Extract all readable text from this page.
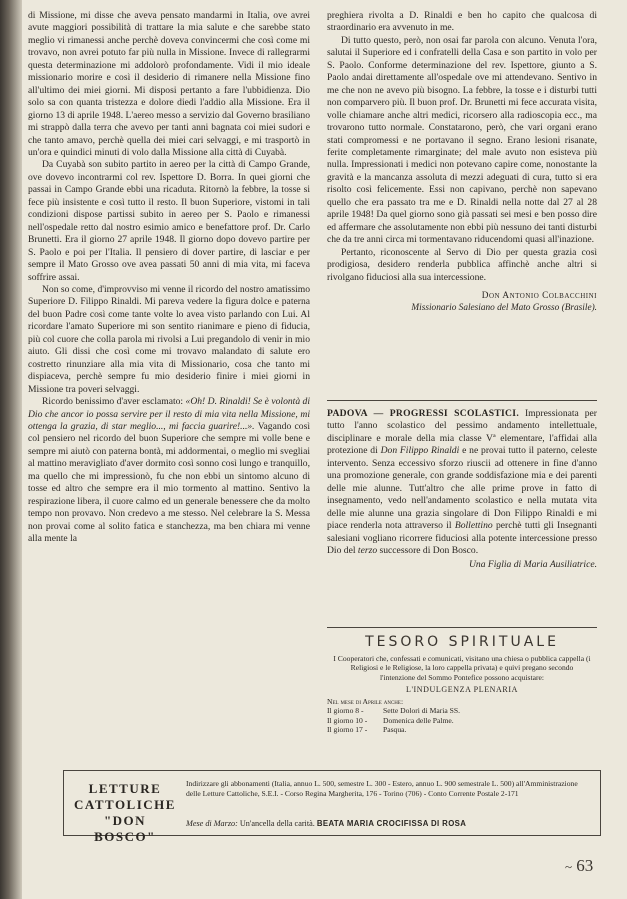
di Missione, mi disse che aveva pensato mandarmi in Italia, ove avrei avute maggiori possibilità di trattare la mia salute e che sarebbe stato meglio vi rimanessi anche perchè doveva convincermi che così come mi trovavo, non avrei potuto far più nulla in Missione. Invece di rallegrarmi questa determinazione mi addolorò profondamente. Vidi il mio ideale missionario morire e così il desiderio di rimanere nella Missione fino all'ultimo dei miei giorni. Mi disposi pertanto a fare l'ubbidienza. Dio solo sa con quanta tristezza e dolore diedi l'addio alla Missione. Era il giorno 13 di aprile 1948. L'aereo messo a servizio dal Governo brasiliano mi strappò dalla terra che avevo per tanti anni bagnata coi miei sudori e che tanto amavo, perchè quella dei miei cari selvaggi, e mi trasportò in un'ora e quindici minuti di volo dalla Missione alla città di Cuyabà.

Da Cuyabà son subito partito in aereo per la città di Campo Grande, ove dovevo incontrarmi col rev. Ispettore D. Borra. In quei giorni che passai in Campo Grande ebbi una ricaduta. Ritornò la febbre, la tosse si fece più insistente e così tutto il resto. Il buon Superiore, vistomi in tali condizioni dispose partissi subito in aereo per S. Paolo e rimanessi nell'ospedale retto dal nostro esimio amico e benefattore prof. Dr. Carlo Brunetti. Era il giorno 27 aprile 1948. Il giorno dopo dovevo partire per S. Paolo e poi per l'Italia. Il pensiero di dover partire, di lasciar e per sempre il Mato Grosso ove avea passati 50 anni di mia vita, mi faceva soffrire assai.

Non so come, d'improvviso mi venne il ricordo del nostro amatissimo Superiore D. Filippo Rinaldi. Mi pareva vedere la figura dolce e paterna del buon Padre così come tante volte lo avea visto parlando con Lui. Al ricordare l'amato Superiore mi son sentito rianimare e pieno di fiducia, più col cuore che colla parola mi rivolsi a Lui pregandolo di venir in mio aiuto. Gli dissi che così come mi trovavo malandato di salute ero costretto rinunziare alla mia vita di Missionario, cosa che tanto mi dispiaceva, perchè sempre fu mio desiderio finire i miei giorni in Missione tra poveri selvaggi.

Ricordo benissimo d'aver esclamato: «Oh! D. Rinaldi! Se è volontà di Dio che ancor io possa servire per il resto di mia vita nella Missione, mi ottenga la grazia, di star meglio..., mi faccia guarire!...». Vagando così col pensiero nel ricordo del buon Superiore che sempre mi volle bene e sempre mi aiutò con paterna bontà, mi addormentai, o meglio mi svegliai al mattino meravigliato d'aver dormito così sonno così lungo e tranquillo, ma quello che mi impressionò, fu che non ebbi un sintomo alcuno di tosse ed altro che sempre era il mio tormento al mattino. Sentivo la respirazione libera, il cuore calmo ed un generale benessere che da molto tempo non provavo. Non credevo a me stesso. Nel celebrare la S. Messa non provai come al solito fatica e stanchezza, ma ben chiara mi venne alla mente la

preghiera rivolta a D. Rinaldi e ben ho capito che qualcosa di straordinario era avvenuto in me.

Di tutto questo, però, non osai far parola con alcuno. Venuta l'ora, salutai il Superiore ed i confratelli della Casa e son partito in volo per S. Paolo. Conforme determinazione del rev. Ispettore, giunto a S. Paolo andai direttamente all'ospedale ove mi attendevano. Sentivo in me che non ne avevo più bisogno. La febbre, la tosse e i disturbi tutti non comparvero più. Il buon prof. Dr. Brunetti mi fece accurata visita, volle chiamare anche altri medici, ricorsero alla radioscopia ecc., ma trovarono tutto normale. Constatarono, però, che vari organi erano stati compromessi e ne portavano il segno. Erano lesioni risanate, ferite completamente rimarginate; del male avuto non esisteva più nulla. Impressionati i medici non potevano capire come, nonostante la gravità e la mancanza assoluta di mezzi adeguati di cura, tutto si era risolto così felicemente. Essi non capivano, perchè non sapevano quello che era passato tra me e D. Rinaldi nella notte dal 27 al 28 aprile 1948! Da quel giorno sono già passati sei mesi e ben posso dire ed affermare che assolutamente non ebbi più nessuno dei tanti disturbi che da tre anni circa mi tormentavano riducendomi quasi all'inazione.

Pertanto, riconoscente al Servo di Dio per questa grazia così prodigiosa, desidero renderla pubblica affinchè anche altri si rivolgano fiduciosi alla sua intercessione.

Don Antonio Colbacchini
Missionario Salesiano del Mato Grosso (Brasile).
PADOVA — PROGRESSI SCOLASTICI. Impressionata per tutto l'anno scolastico del pessimo andamento intellettuale, disciplinare e morale della mia classe Vª elementare, l'affidai alla protezione di Don Filippo Rinaldi e ne provai tutto il paterno, celeste intervento. Senza eccessivo sforzo riuscii ad ottenere in fine d'anno una promozione generale, con grande soddisfazione mia e dei parenti delle mie alunne. Tutt'altro che alle prime prove in fatto di insegnamento, vedo nell'andamento scolastico e nella mutata vita delle mie alunne una grazia singolare di Don Filippo Rinaldi e mi piace renderla nota attraverso il Bollettino perchè tutti gli Insegnanti salesiani vogliano ricorrere fiduciosi alla potente intercessione presso Dio del terzo successore di Don Bosco.
Una Figlia di Maria Ausiliatrice.
TESORO SPIRITUALE
I Cooperatori che, confessati e comunicati, visitano una chiesa o pubblica cappella (i Religiosi e le Religiose, la loro cappella privata) e quivi pregano secondo l'intenzione del Sommo Pontefice possono acquistare:
L'INDULGENZA PLENARIA
Nel mese di Aprile anche:
Il giorno 8 -	Sette Dolori di Maria SS.
Il giorno 10 -	Domenica delle Palme.
Il giorno 17 -	Pasqua.
LETTURE
CATTOLICHE
"DON BOSCO"
Indirizzare gli abbonamenti (Italia, annuo L. 500, semestre L. 300 - Estero, annuo L. 900 semestrale L. 500) all'Amministrazione delle Letture Cattoliche, S.E.I. - Corso Regina Margherita, 176 - Torino (706) - Conto Corrente Postale 2-171
Mese di Marzo: Un'ancella della carità. BEATA MARIA CROCIFISSA DI ROSA
~ 63
